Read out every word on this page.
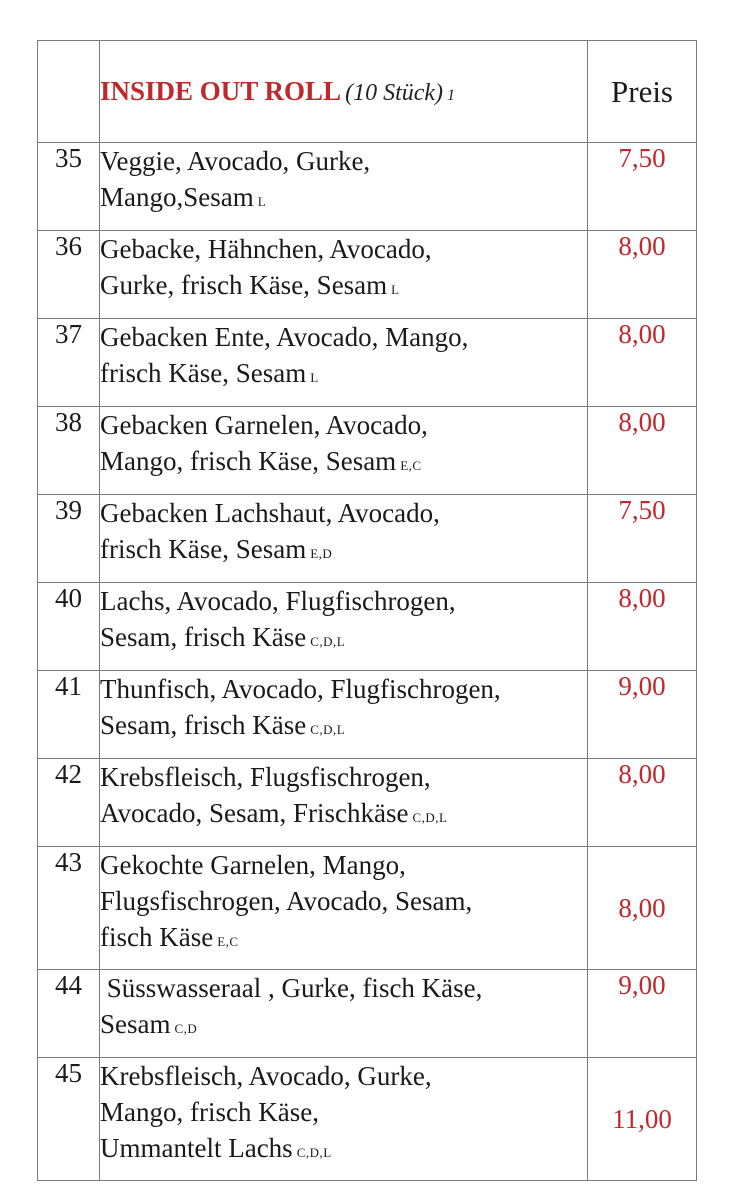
	INSIDE OUT ROLL (10 Stück) 1	Preis
35	Veggie, Avocado, Gurke,
Mango,Sesam L	7,50
36	Gebacke, Hähnchen, Avocado,
Gurke, frisch Käse, Sesam L	8,00
37	Gebacken Ente, Avocado, Mango,
frisch Käse, Sesam L	8,00
38	Gebacken Garnelen, Avocado,
Mango, frisch Käse, Sesam E,C	8,00
39	Gebacken Lachshaut, Avocado,
frisch Käse, Sesam E,D	7,50
40	Lachs, Avocado, Flugfischrogen,
Sesam, frisch Käse C,D,L	8,00
41	Thunfisch, Avocado, Flugfischrogen,
Sesam, frisch Käse C,D,L	9,00
42	Krebsfleisch, Flugsfischrogen,
Avocado, Sesam, Frischkäse C,D,L	8,00
43	Gekochte Garnelen, Mango,
Flugsfischrogen, Avocado, Sesam,
fisch Käse E,C	8,00
44	Süsswasseraal , Gurke, fisch Käse,
Sesam C,D	9,00
45	Krebsfleisch, Avocado, Gurke,
Mango, frisch Käse,
Ummantelt Lachs C,D,L	11,00
